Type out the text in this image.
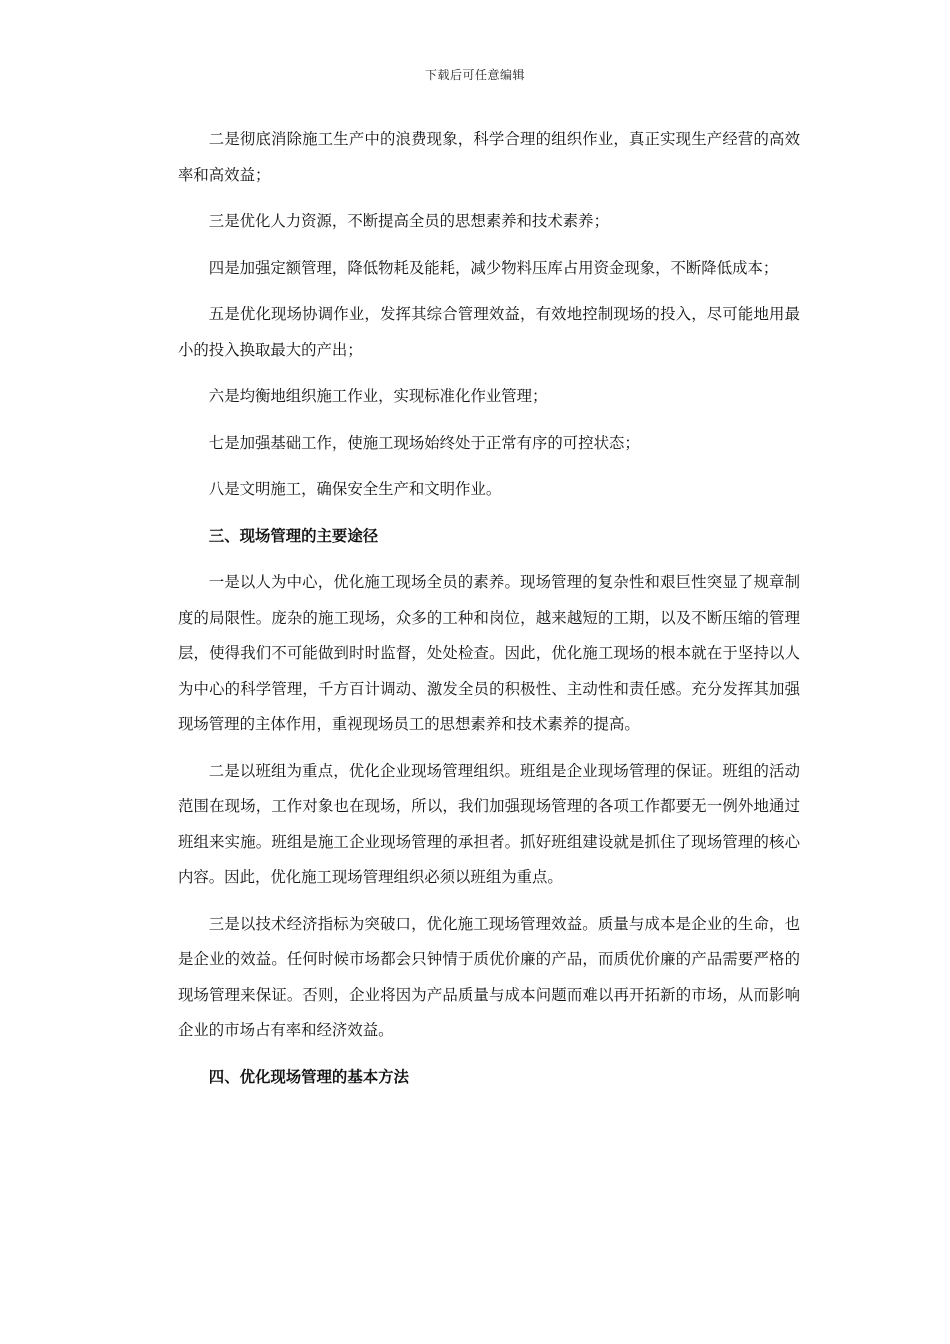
下载后可任意编辑

二是彻底消除施工生产中的浪费现象，科学合理的组织作业，真正实现生产经营的高效率和高效益；

三是优化人力资源，不断提高全员的思想素养和技术素养；

四是加强定额管理，降低物耗及能耗，减少物料压库占用资金现象，不断降低成本；

五是优化现场协调作业，发挥其综合管理效益，有效地控制现场的投入，尽可能地用最小的投入换取最大的产出；

六是均衡地组织施工作业，实现标准化作业管理；

七是加强基础工作，使施工现场始终处于正常有序的可控状态；

八是文明施工，确保安全生产和文明作业。

三、现场管理的主要途径

一是以人为中心，优化施工现场全员的素养。现场管理的复杂性和艰巨性突显了规章制度的局限性。庞杂的施工现场，众多的工种和岗位，越来越短的工期，以及不断压缩的管理层，使得我们不可能做到时时监督，处处检查。因此，优化施工现场的根本就在于坚持以人为中心的科学管理，千方百计调动、激发全员的积极性、主动性和责任感。充分发挥其加强现场管理的主体作用，重视现场员工的思想素养和技术素养的提高。

二是以班组为重点，优化企业现场管理组织。班组是企业现场管理的保证。班组的活动范围在现场，工作对象也在现场，所以，我们加强现场管理的各项工作都要无一例外地通过班组来实施。班组是施工企业现场管理的承担者。抓好班组建设就是抓住了现场管理的核心内容。因此，优化施工现场管理组织必须以班组为重点。

三是以技术经济指标为突破口，优化施工现场管理效益。质量与成本是企业的生命，也是企业的效益。任何时候市场都会只钟情于质优价廉的产品，而质优价廉的产品需要严格的现场管理来保证。否则，企业将因为产品质量与成本问题而难以再开拓新的市场，从而影响企业的市场占有率和经济效益。

四、优化现场管理的基本方法
